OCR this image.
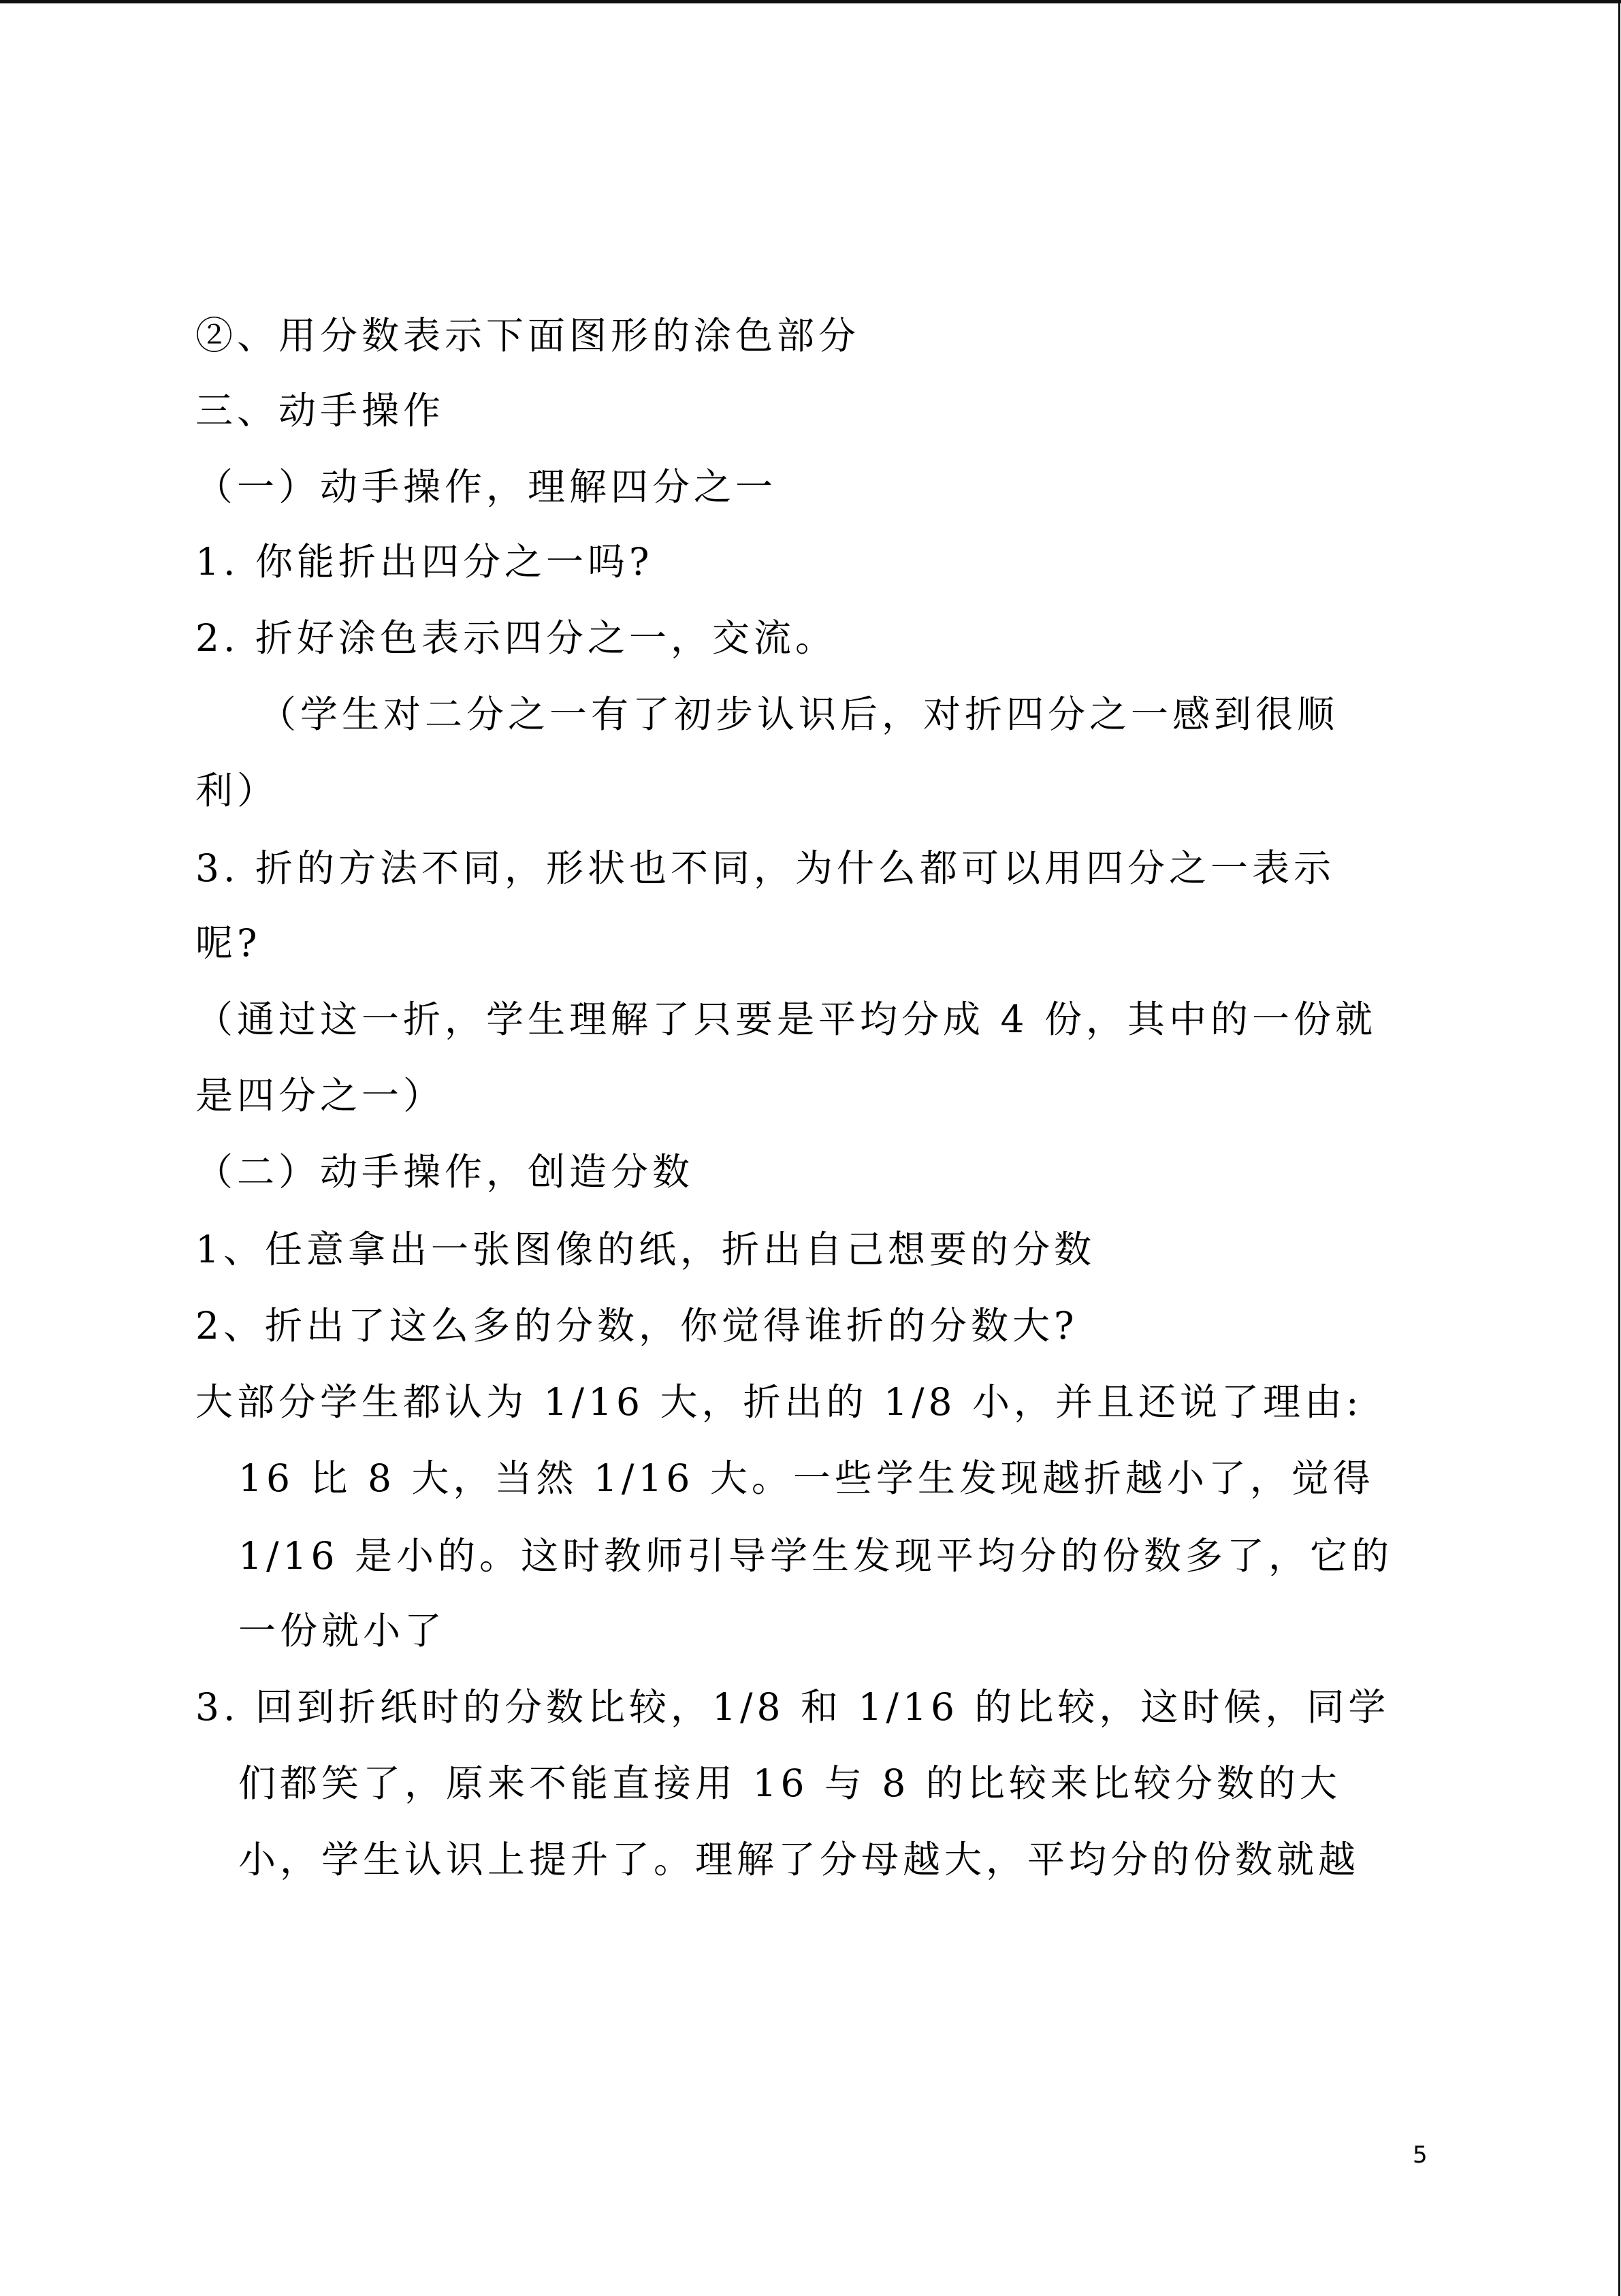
②、用分数表示下面图形的涂色部分
三、动手操作
（一）动手操作，理解四分之一
1. 你能折出四分之一吗?
2. 折好涂色表示四分之一，交流。
（学生对二分之一有了初步认识后，对折四分之一感到很顺
利）
3. 折的方法不同，形状也不同，为什么都可以用四分之一表示
呢?
（通过这一折，学生理解了只要是平均分成 4 份，其中的一份就
是四分之一）
（二）动手操作，创造分数
1、任意拿出一张图像的纸，折出自己想要的分数
2、折出了这么多的分数，你觉得谁折的分数大?
大部分学生都认为 1/16 大，折出的 1/8 小，并且还说了理由:
16 比 8 大，当然 1/16 大。一些学生发现越折越小了，觉得
1/16 是小的。这时教师引导学生发现平均分的份数多了，它的
一份就小了
3. 回到折纸时的分数比较，1/8 和 1/16 的比较，这时候，同学
们都笑了，原来不能直接用 16 与 8 的比较来比较分数的大
小，学生认识上提升了。理解了分母越大，平均分的份数就越
5
